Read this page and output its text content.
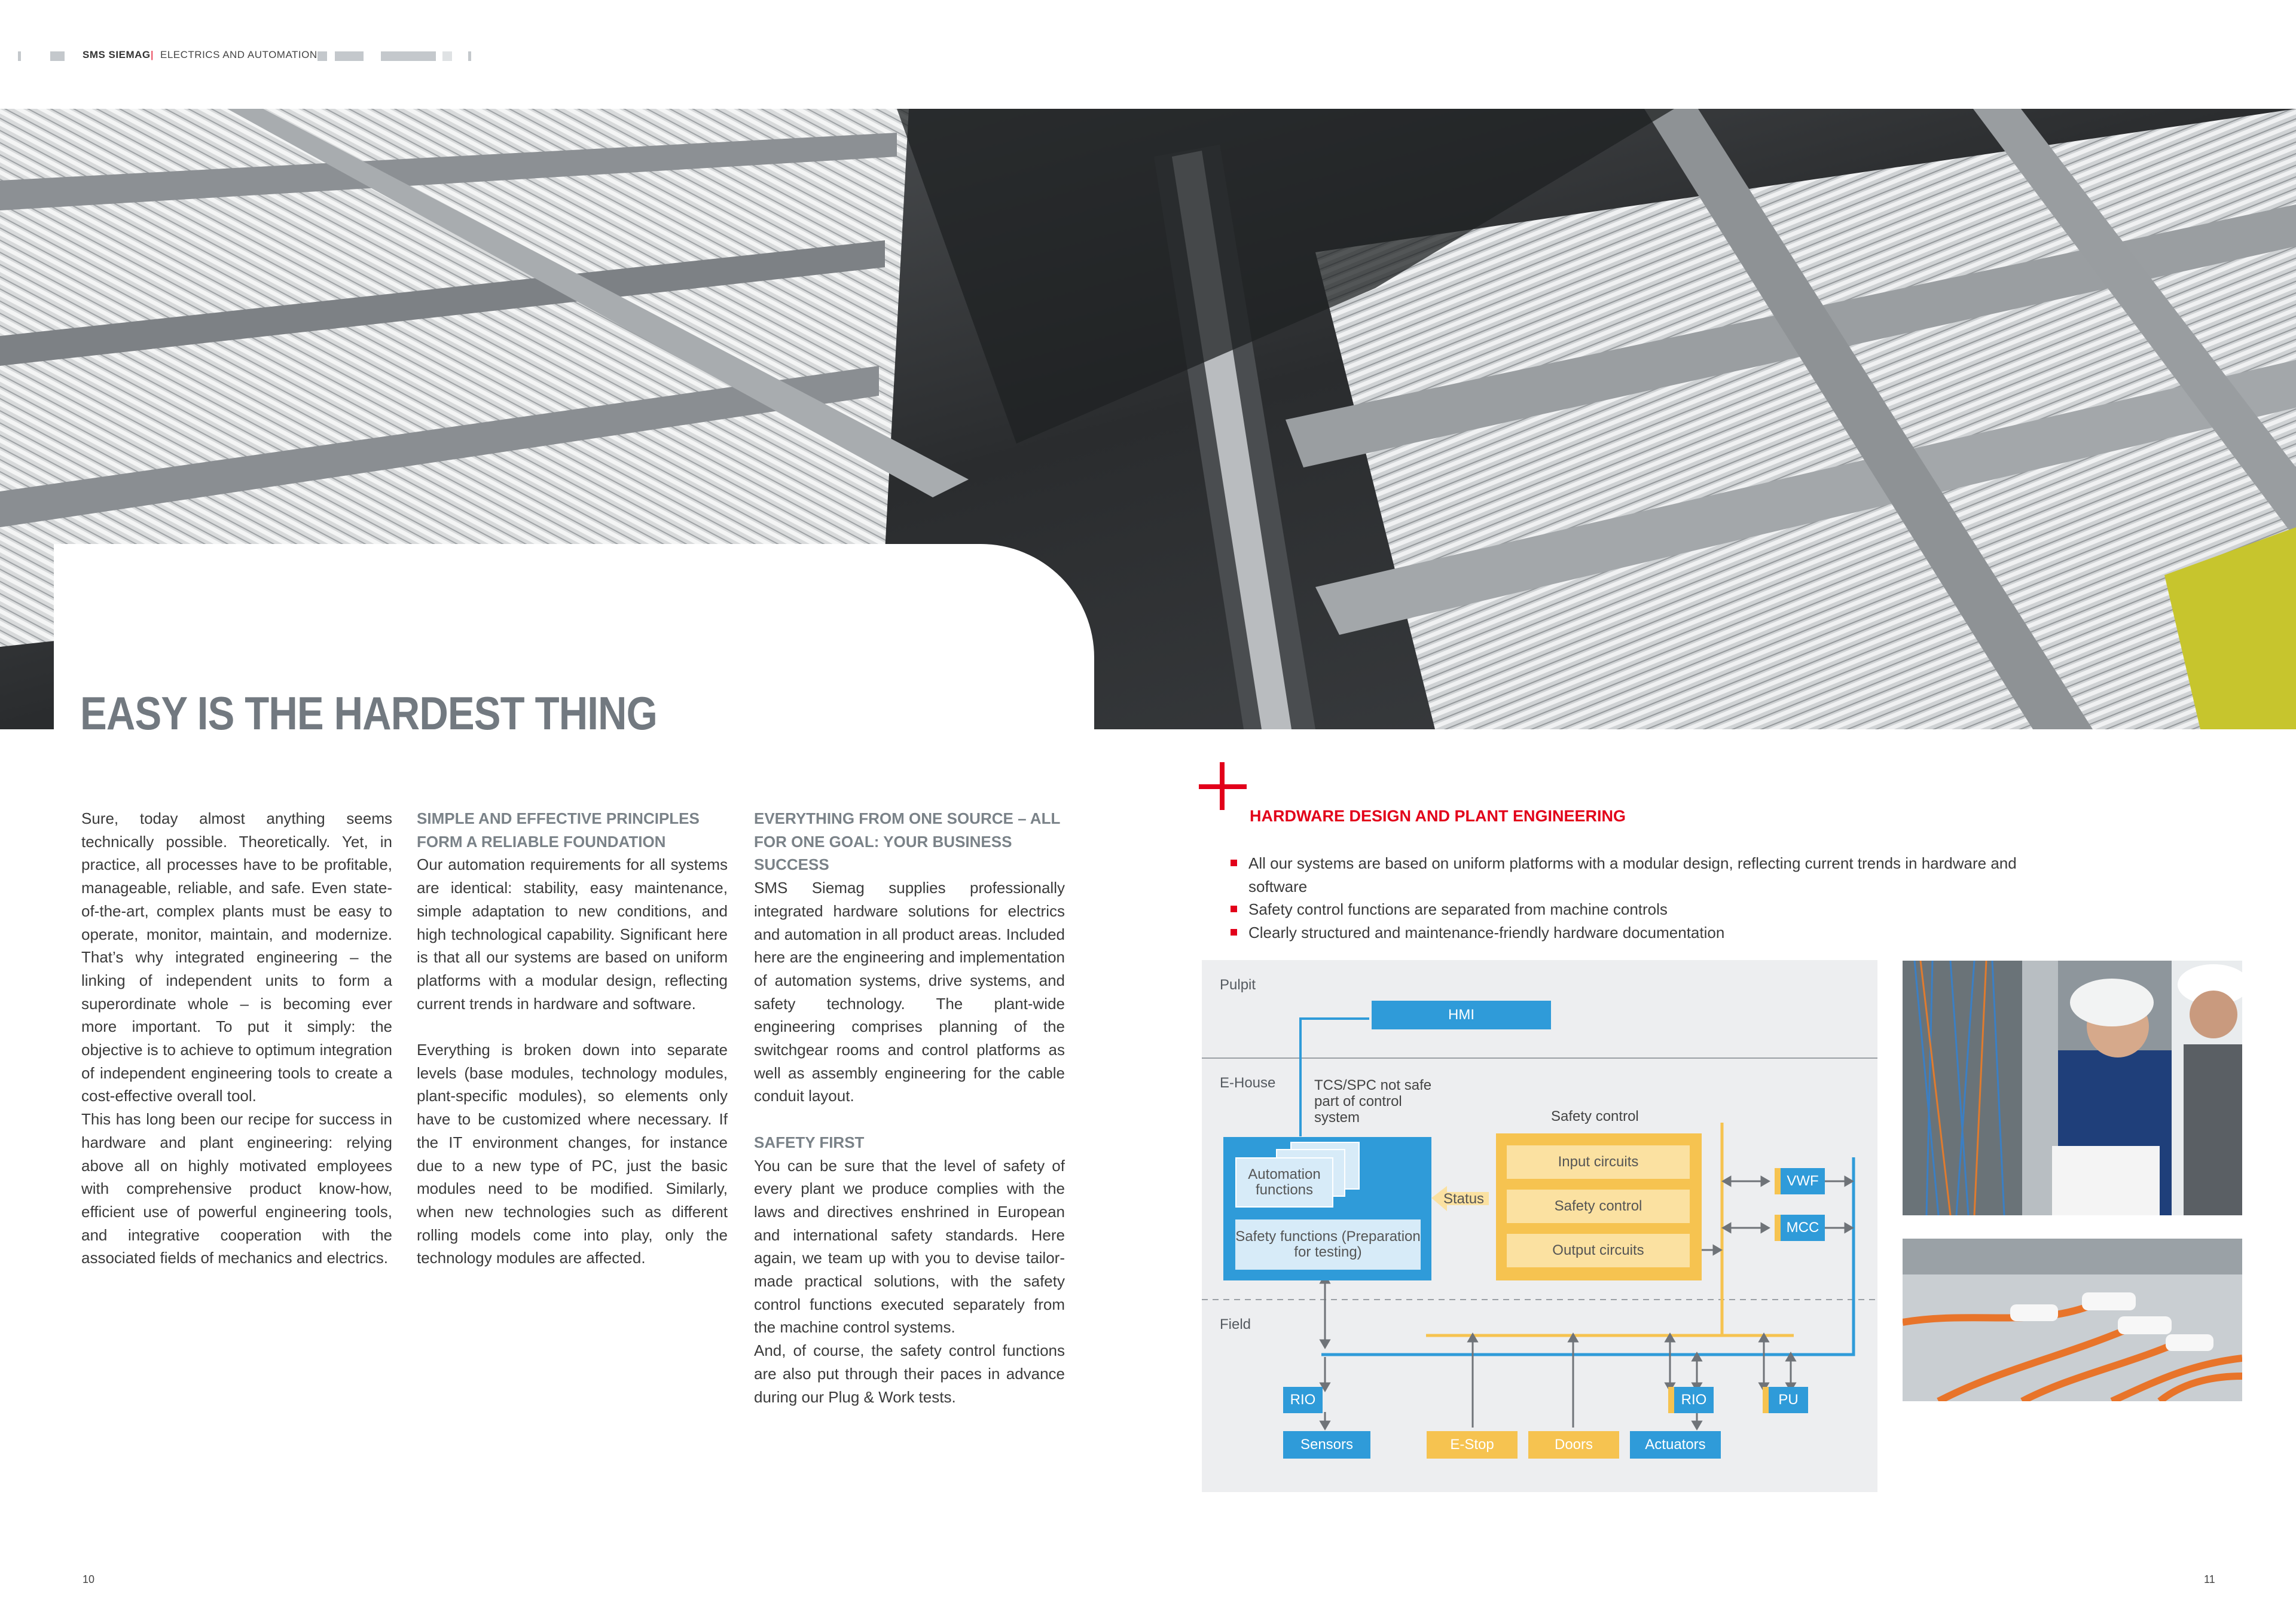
SMS SIEMAG | ELECTRICS AND AUTOMATION
EASY IS THE HARDEST THING

Sure, today almost anything seems technically possible. Theoretically. Yet, in practice, all processes have to be profitable, manageable, reliable, and safe. Even state-of-the-art, complex plants must be easy to operate, monitor, maintain, and modernize. That’s why integrated engineering – the linking of independent units to form a superordinate whole – is becoming ever more important. To put it simply: the objective is to achieve to optimum integration of independent engineering tools to create a cost-effective overall tool.

This has long been our recipe for success in hardware and plant engineering: relying above all on highly motivated employees with comprehensive product know-how, efficient use of powerful engineering tools, and integrative cooperation with the associated fields of mechanics and electrics.

SIMPLE AND EFFECTIVE PRINCIPLES FORM A RELIABLE FOUNDATION

Our automation requirements for all systems are identical: stability, easy maintenance, simple adaptation to new conditions, and high technological capability. Significant here is that all our systems are based on uniform platforms with a modular design, reflecting current trends in hardware and software.

Everything is broken down into separate levels (base modules, technology modules, plant-specific modules), so elements only have to be customized where necessary. If the IT environment changes, for instance due to a new type of PC, just the basic modules need to be modified. Similarly, when new technologies such as different rolling models come into play, only the technology modules are affected.

EVERYTHING FROM ONE SOURCE – ALL FOR ONE GOAL: YOUR BUSINESS SUCCESS

SMS Siemag supplies professionally integrated hardware solutions for electrics and automation in all product areas. Included here are the engineering and implementation of automation systems, drive systems, and safety technology. The plant-wide engineering comprises planning of the switchgear rooms and control platforms as well as assembly engineering for the cable conduit layout.

SAFETY FIRST

You can be sure that the level of safety of every plant we produce complies with the laws and directives enshrined in European and international safety standards. Here again, we team up with you to devise tailor-made practical solutions, with the safety control functions executed separately from the machine control systems.

And, of course, the safety control functions are also put through their paces in advance during our Plug & Work tests.

HARDWARE DESIGN AND PLANT ENGINEERING
All our systems are based on uniform platforms with a modular design, reflecting current trends in hardware and software
Safety control functions are separated from machine controls
Clearly structured and maintenance-friendly hardware documentation
Pulpit
E-House
Field
HMI
TCS/SPC not safe part of control system
Automation functions
Safety functions (Preparation for testing)
Status
Safety control
Input circuits
Safety control
Output circuits
VWF
MCC
RIO	RIO	PU
Sensors	E-Stop	Doors	Actuators
10	11
